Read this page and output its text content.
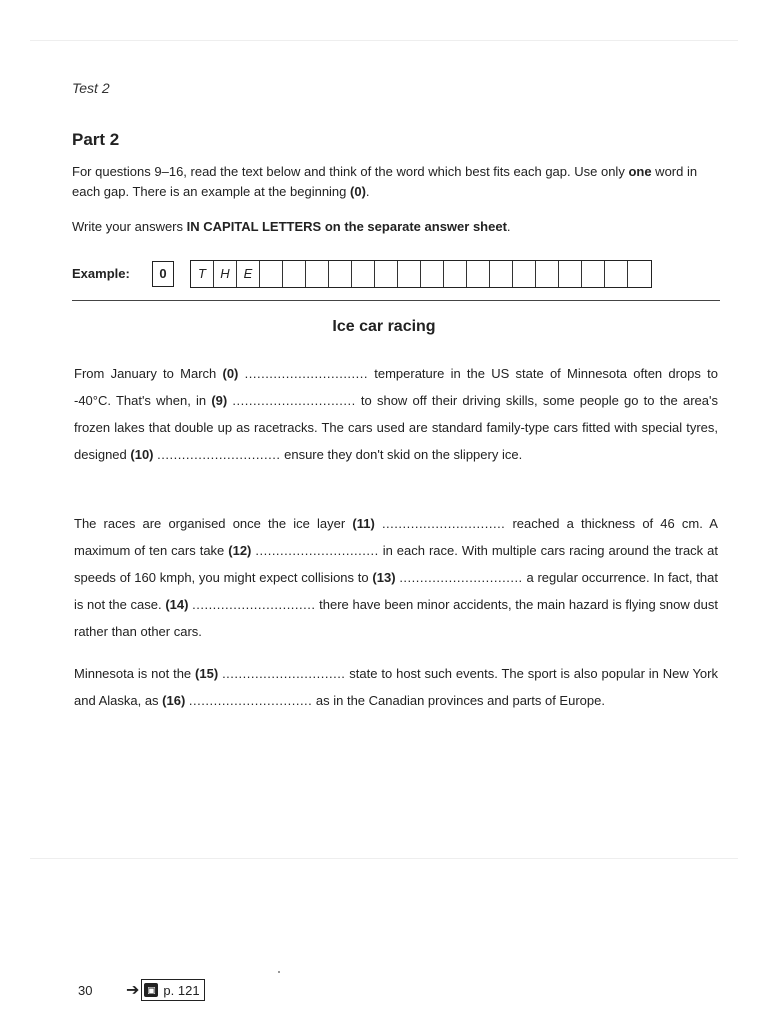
Test 2
Part 2
For questions 9–16, read the text below and think of the word which best fits each gap. Use only one word in each gap. There is an example at the beginning (0).
Write your answers IN CAPITAL LETTERS on the separate answer sheet.
Example:	0	T	H	E
Ice car racing
From January to March (0) .............................. temperature in the US state of Minnesota often drops to -40°C. That's when, in (9) .............................. to show off their driving skills, some people go to the area's frozen lakes that double up as racetracks. The cars used are standard family-type cars fitted with special tyres, designed (10) .............................. ensure they don't skid on the slippery ice.
The races are organised once the ice layer (11) .............................. reached a thickness of 46 cm. A maximum of ten cars take (12) .............................. in each race. With multiple cars racing around the track at speeds of 160 kmph, you might expect collisions to (13) .............................. a regular occurrence. In fact, that is not the case. (14) .............................. there have been minor accidents, the main hazard is flying snow dust rather than other cars.
Minnesota is not the (15) .............................. state to host such events. The sport is also popular in New York and Alaska, as (16) .............................. as in the Canadian provinces and parts of Europe.
30	➔ ▣ p. 121
